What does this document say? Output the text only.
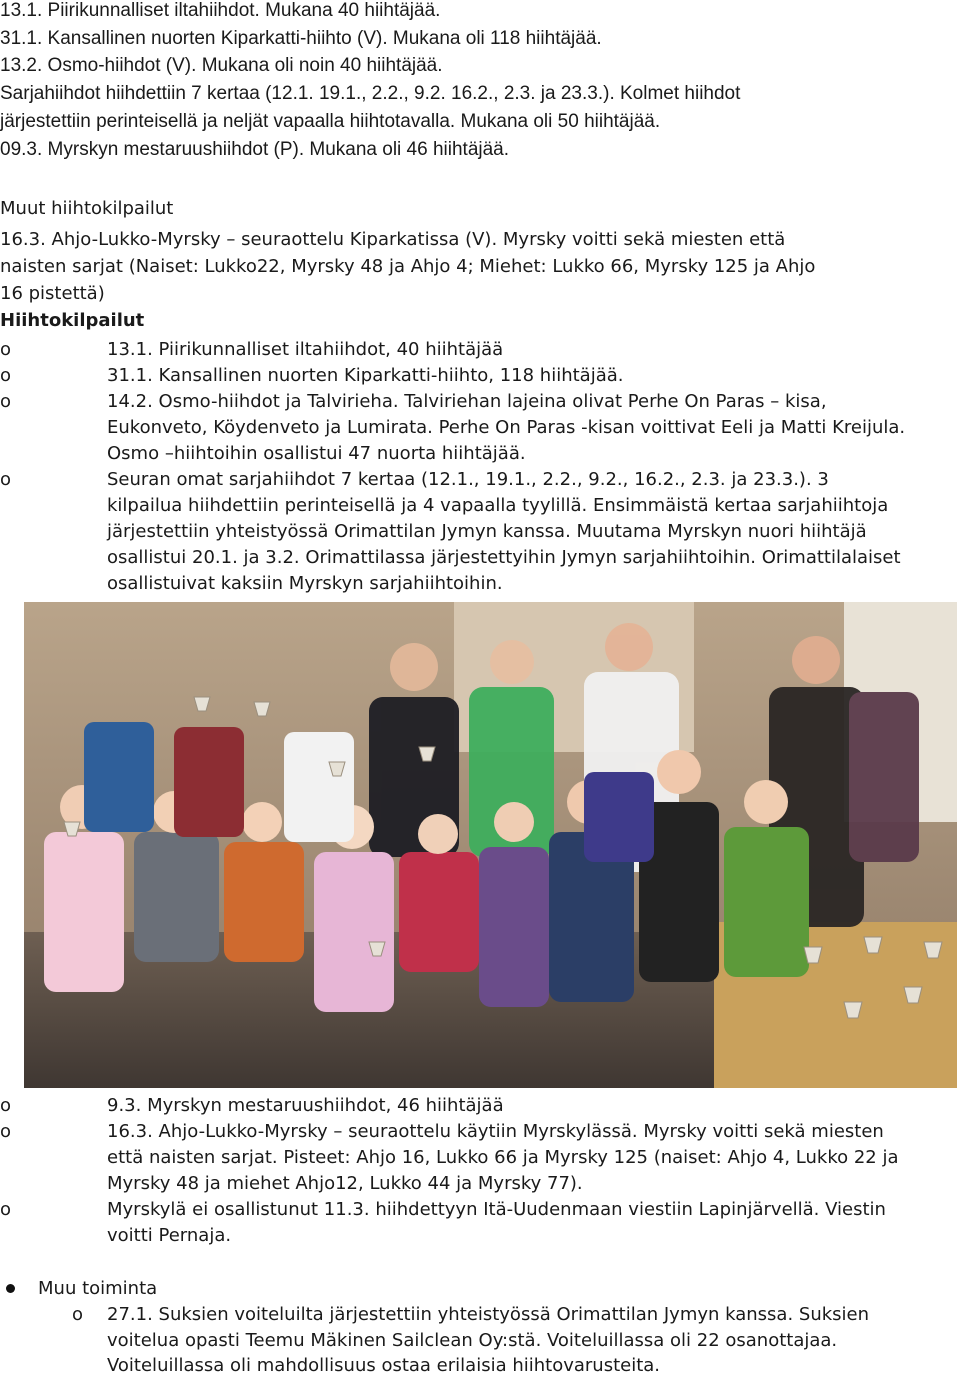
13.1. Piirikunnalliset iltahiihdot. Mukana 40 hiihtäjää.
31.1. Kansallinen nuorten Kiparkatti-hiihto (V). Mukana oli 118 hiihtäjää.
13.2. Osmo-hiihdot (V). Mukana oli noin 40 hiihtäjää.
Sarjahiihdot hiihdettiin 7 kertaa (12.1. 19.1., 2.2., 9.2. 16.2., 2.3. ja 23.3.). Kolmet hiihdot
järjestettiin perinteisellä ja neljät vapaalla hiihtotavalla. Mukana oli 50 hiihtäjää.
09.3. Myrskyn mestaruushiihdot (P). Mukana oli 46 hiihtäjää.
Muut hiihtokilpailut
16.3. Ahjo-Lukko-Myrsky – seuraottelu Kiparkatissa (V). Myrsky voitti sekä miesten että
naisten sarjat (Naiset: Lukko22, Myrsky 48 ja Ahjo 4; Miehet: Lukko 66, Myrsky 125 ja Ahjo
16 pistettä)
Hiihtokilpailut
o	13.1. Piirikunnalliset iltahiihdot, 40 hiihtäjää
o	31.1. Kansallinen nuorten Kiparkatti-hiihto, 118 hiihtäjää.
o	14.2. Osmo-hiihdot ja Talvirieha. Talviriehan lajeina olivat Perhe On Paras – kisa,
Eukonveto, Köydenveto ja Lumirata. Perhe On Paras -kisan voittivat Eeli ja Matti Kreijula.
Osmo –hiihtoihin osallistui 47 nuorta hiihtäjää.
o	Seuran omat sarjahiihdot 7 kertaa (12.1., 19.1., 2.2., 9.2., 16.2., 2.3. ja 23.3.). 3
kilpailua hiihdettiin perinteisellä ja 4 vapaalla tyylillä. Ensimmäistä kertaa sarjahiihtoja
järjestettiin yhteistyössä Orimattilan Jymyn kanssa. Muutama Myrskyn nuori hiihtäjä
osallistui 20.1. ja 3.2. Orimattilassa järjestettyihin Jymyn sarjahiihtoihin. Orimattilalaiset
osallistuivat kaksiin Myrskyn sarjahiihtoihin.
o	9.3. Myrskyn mestaruushiihdot, 46 hiihtäjää
o	16.3. Ahjo-Lukko-Myrsky – seuraottelu käytiin Myrskylässä. Myrsky voitti sekä miesten
että naisten sarjat. Pisteet: Ahjo 16, Lukko 66 ja Myrsky 125 (naiset: Ahjo 4, Lukko 22 ja
Myrsky 48 ja miehet Ahjo12, Lukko 44 ja Myrsky 77).
o	Myrskylä ei osallistunut 11.3. hiihdettyyn Itä-Uudenmaan viestiin Lapinjärvellä. Viestin
voitti Pernaja.
Muu toiminta
o 27.1. Suksien voiteluilta järjestettiin yhteistyössä Orimattilan Jymyn kanssa. Suksien
voitelua opasti Teemu Mäkinen Sailclean Oy:stä. Voiteluillassa oli 22 osanottajaa.
Voiteluillassa oli mahdollisuus ostaa erilaisia hiihtovarusteita.
